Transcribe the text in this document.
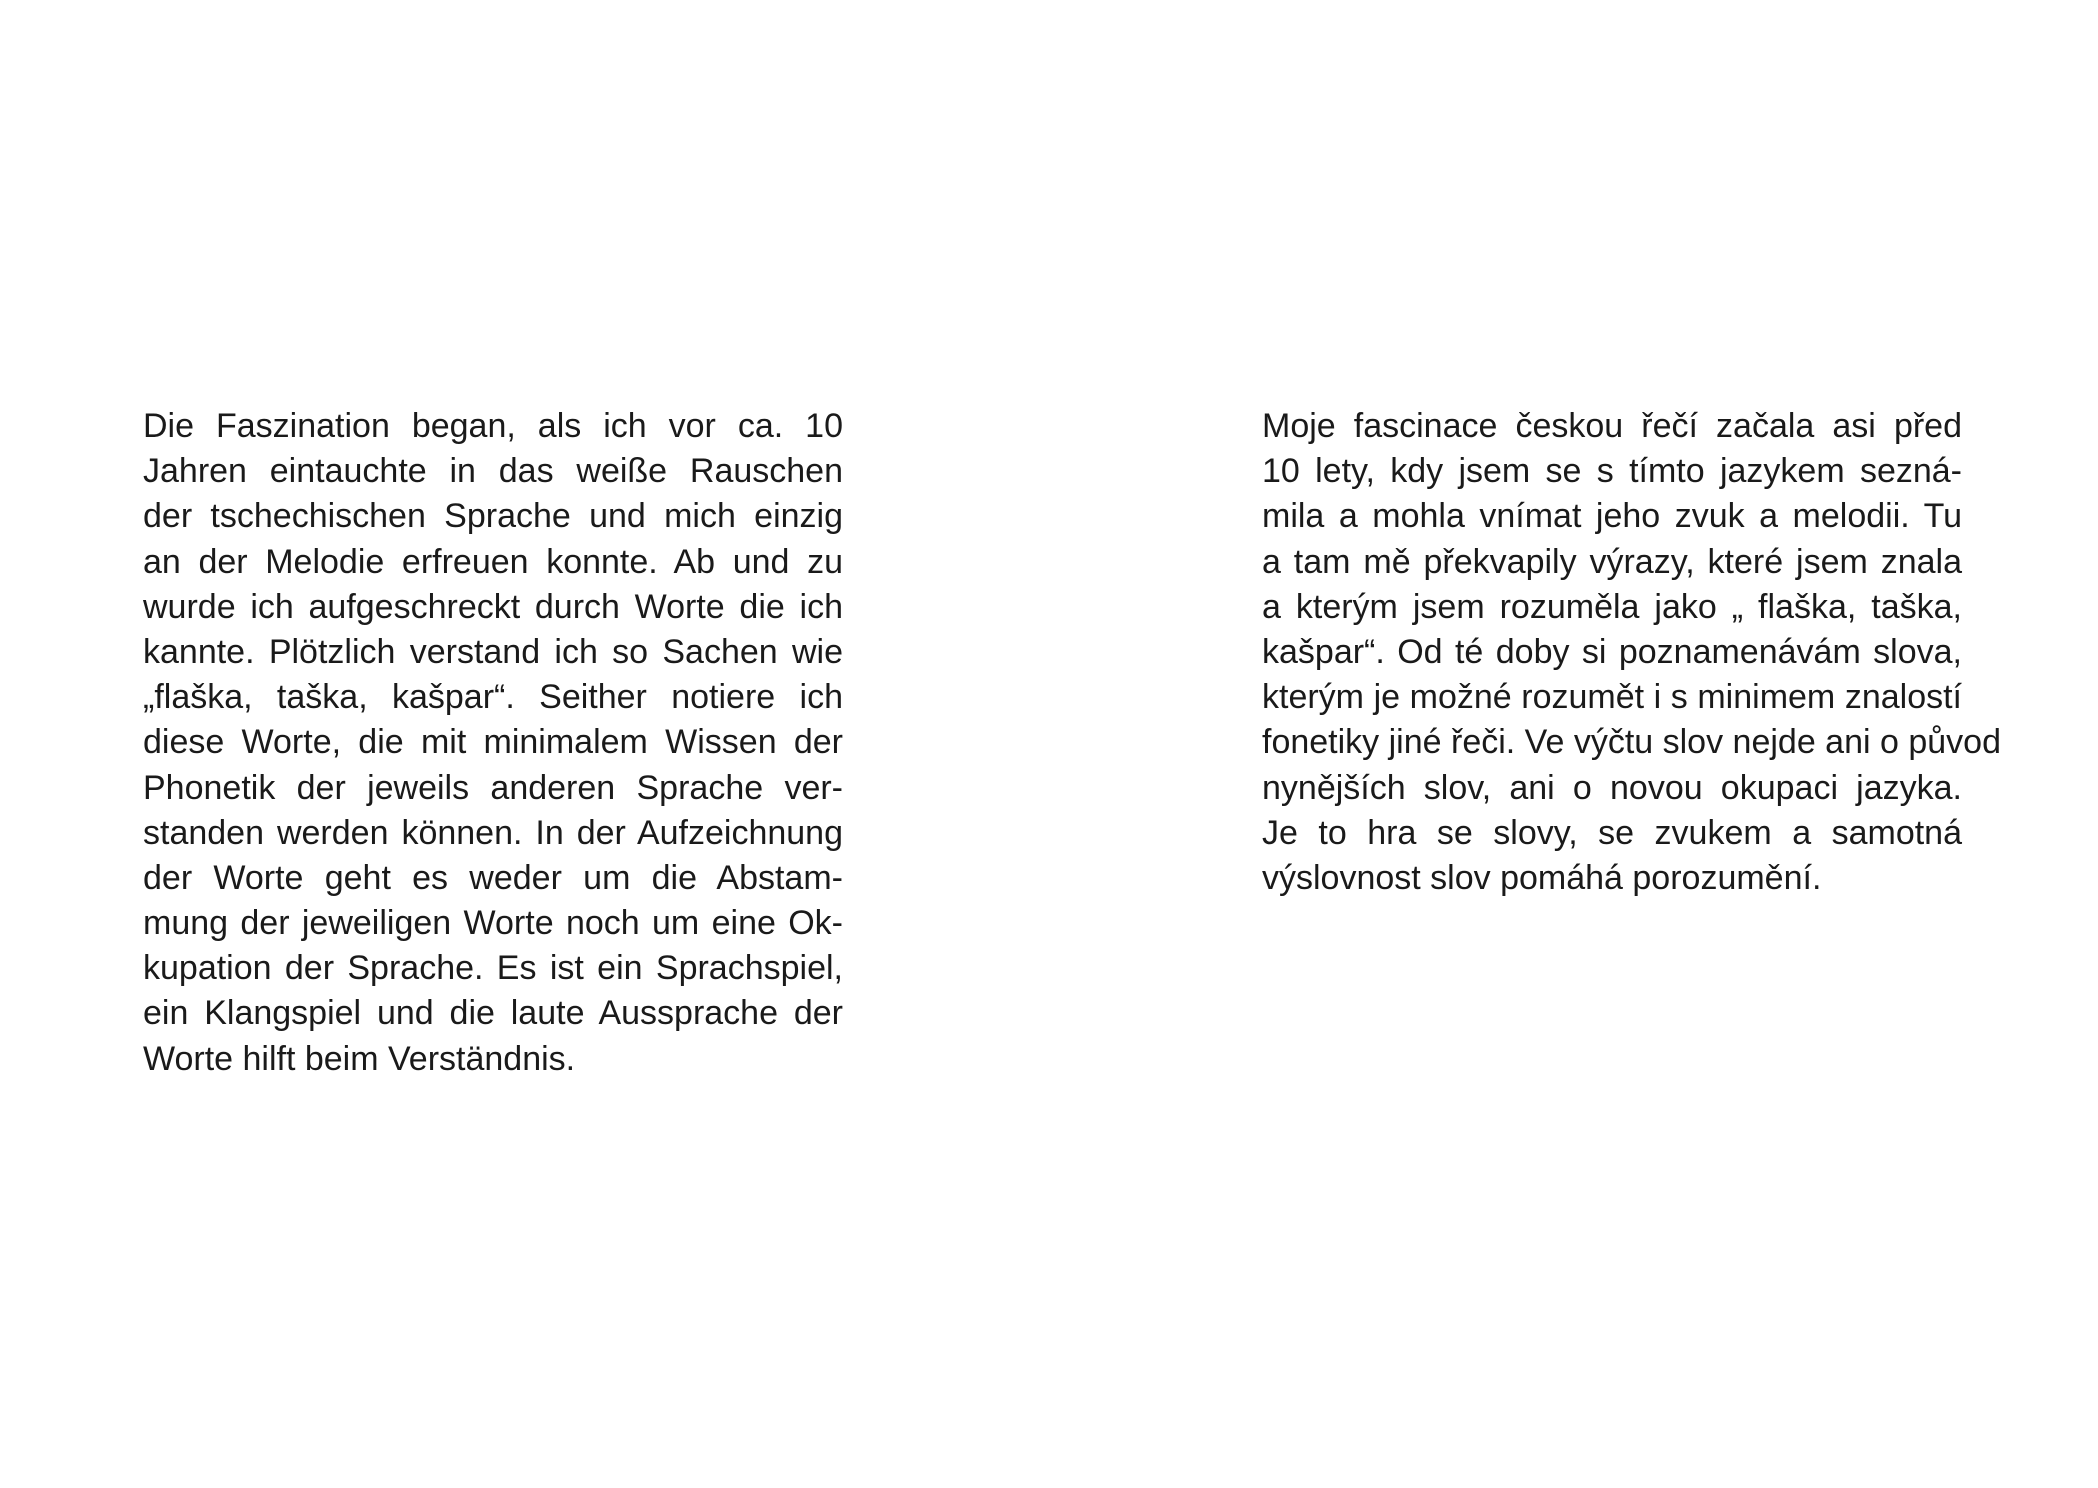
Die Faszination began, als ich vor ca. 10
Jahren eintauchte in das weiße Rauschen
der tschechischen Sprache und mich einzig
an der Melodie erfreuen konnte. Ab und zu
wurde ich aufgeschreckt durch Worte die ich
kannte. Plötzlich verstand ich so Sachen wie
„flaška, taška, kašpar“. Seither notiere ich
diese Worte, die mit minimalem Wissen der
Phonetik der jeweils anderen Sprache ver-
standen werden können. In der Aufzeichnung
der Worte geht es weder um die Abstam-
mung der jeweiligen Worte noch um eine Ok-
kupation der Sprache. Es ist ein Sprachspiel,
ein Klangspiel und die laute Aussprache der
Worte hilft beim Verständnis.
Moje fascinace českou řečí začala asi před
10 lety, kdy jsem se s tímto jazykem sezná-
mila a mohla vnímat jeho zvuk a melodii. Tu
a tam mě překvapily výrazy, které jsem znala
a kterým jsem rozuměla jako „ flaška, taška,
kašpar“. Od té doby si poznamenávám slova,
kterým je možné rozumět i s minimem znalostí
fonetiky jiné řeči. Ve výčtu slov nejde ani o původ
nynějších slov, ani o novou okupaci jazyka.
Je to hra se slovy, se zvukem a samotná
výslovnost slov pomáhá porozumění.
